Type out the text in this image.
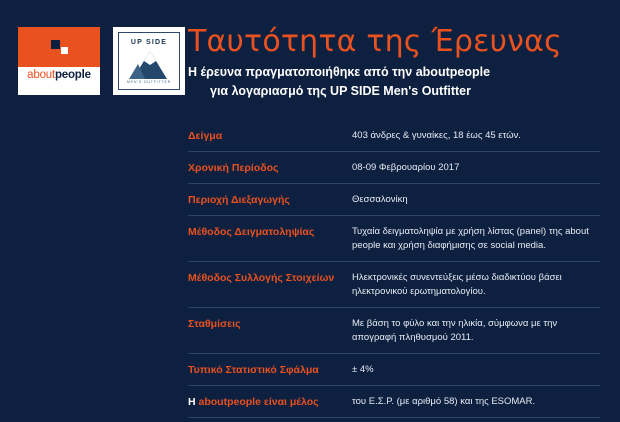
aboutpeople
UP SIDE
MEN'S OUTFITTER
Ταυτότητα της Έρευνας
Η έρευνα πραγματοποιήθηκε από την aboutpeople
για λογαριασμό της UP SIDE Men's Outfitter
Δείγμα	403 άνδρες & γυναίκες, 18 έως 45 ετών.
Χρονική Περίοδος	08-09 Φεβρουαρίου 2017
Περιοχή Διεξαγωγής	Θεσσαλονίκη
Μέθοδος Δειγματοληψίας	Τυχαία δειγματοληψία με χρήση λίστας (panel) της about people και χρήση διαφήμισης σε social media.
Μέθοδος Συλλογής Στοιχείων	Ηλεκτρονικές συνεντεύξεις μέσω διαδικτύου βάσει ηλεκτρονικού ερωτηματολογίου.
Σταθμίσεις	Με βάση το φύλο και την ηλικία, σύμφωνα με την απογραφή πληθυσμού 2011.
Τυπικό Στατιστικό Σφάλμα	± 4%
Η aboutpeople είναι μέλος	του Ε.Σ.Ρ. (με αριθμό 58) και της ESOMAR.
